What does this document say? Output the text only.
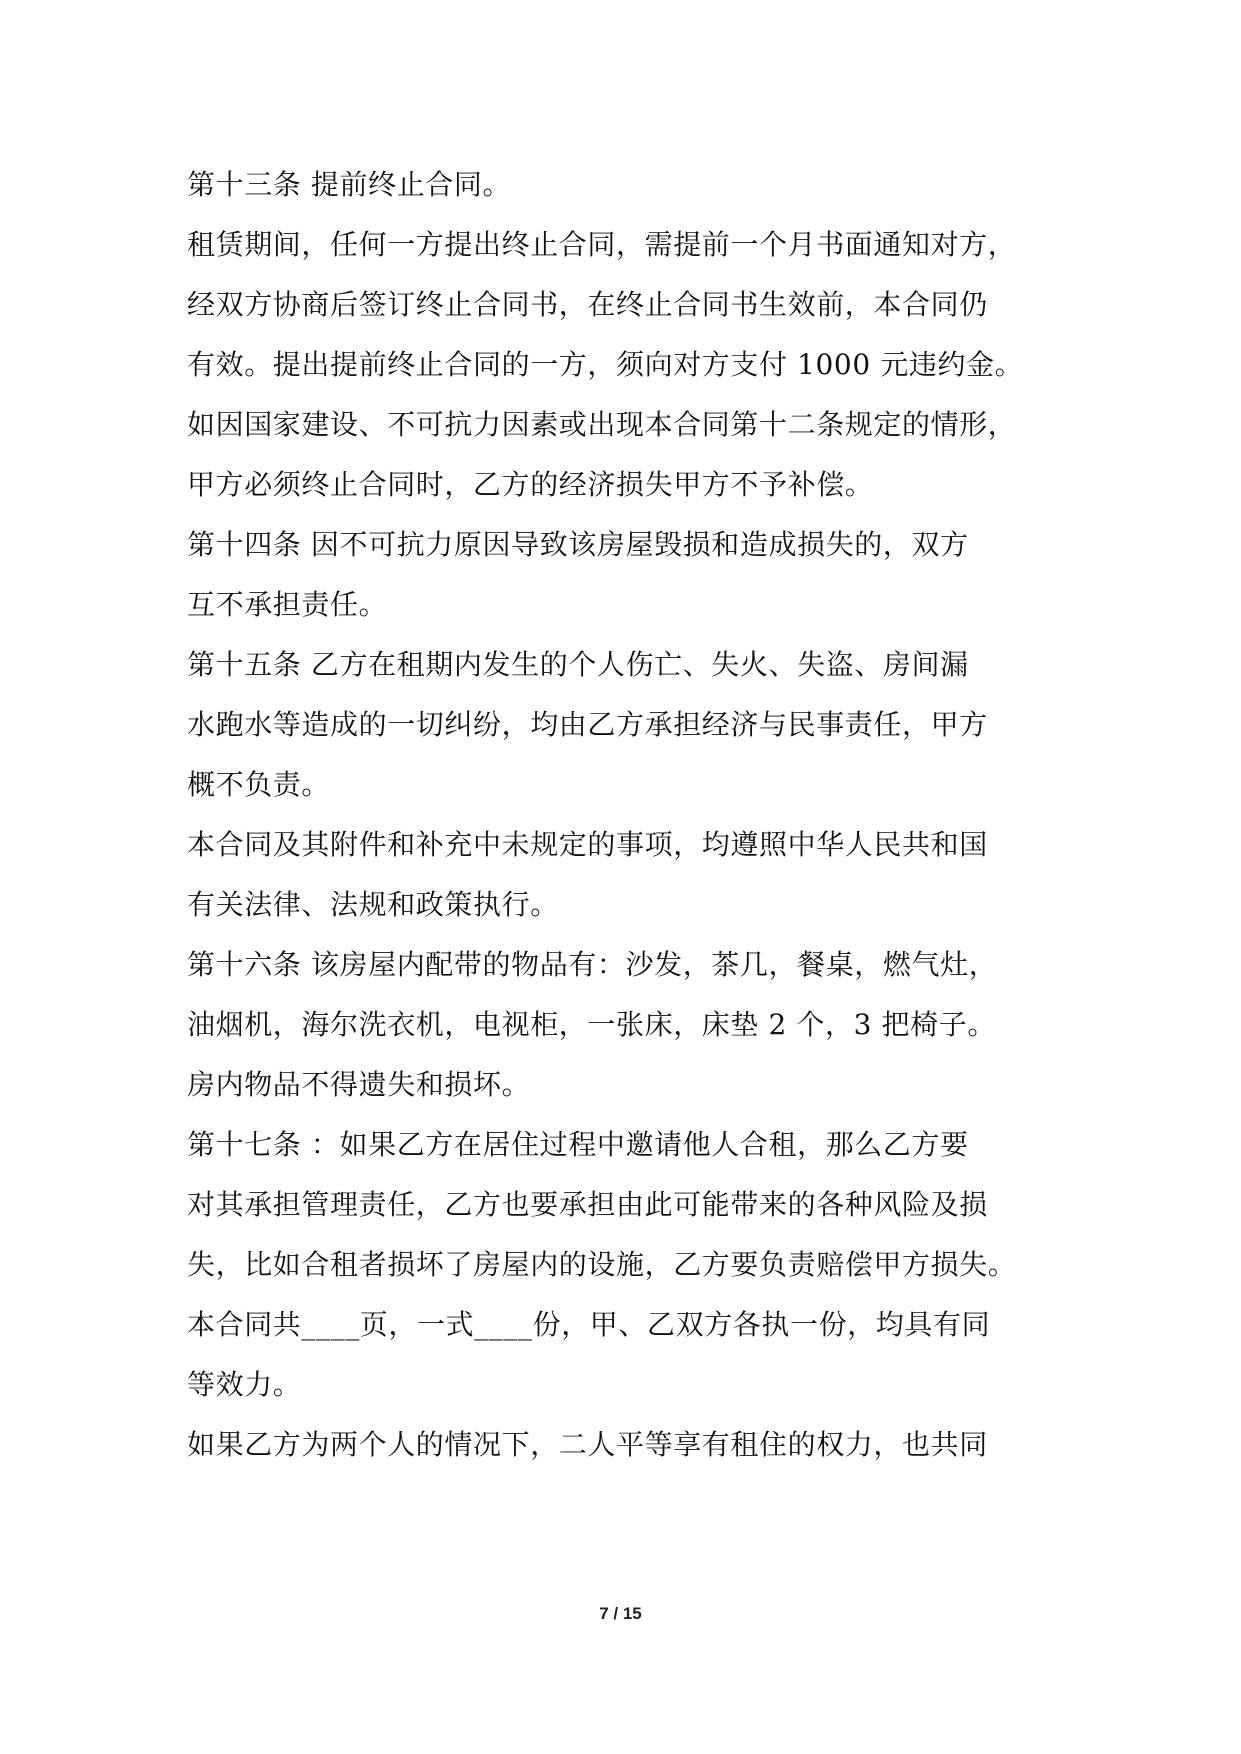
第十三条 提前终止合同。
租赁期间，任何一方提出终止合同，需提前一个月书面通知对方，
经双方协商后签订终止合同书，在终止合同书生效前，本合同仍
有效。提出提前终止合同的一方，须向对方支付 1000 元违约金。
如因国家建设、不可抗力因素或出现本合同第十二条规定的情形，
甲方必须终止合同时，乙方的经济损失甲方不予补偿。
第十四条 因不可抗力原因导致该房屋毁损和造成损失的，双方
互不承担责任。
第十五条 乙方在租期内发生的个人伤亡、失火、失盗、房间漏
水跑水等造成的一切纠纷，均由乙方承担经济与民事责任，甲方
概不负责。
本合同及其附件和补充中未规定的事项，均遵照中华人民共和国
有关法律、法规和政策执行。
第十六条 该房屋内配带的物品有：沙发，茶几，餐桌，燃气灶，
油烟机，海尔洗衣机，电视柜，一张床，床垫 2 个，3 把椅子。
房内物品不得遗失和损坏。
第十七条 ：如果乙方在居住过程中邀请他人合租，那么乙方要
对其承担管理责任，乙方也要承担由此可能带来的各种风险及损
失，比如合租者损坏了房屋内的设施，乙方要负责赔偿甲方损失。
本合同共____页，一式____份，甲、乙双方各执一份，均具有同
等效力。
如果乙方为两个人的情况下，二人平等享有租住的权力，也共同
7 / 15
